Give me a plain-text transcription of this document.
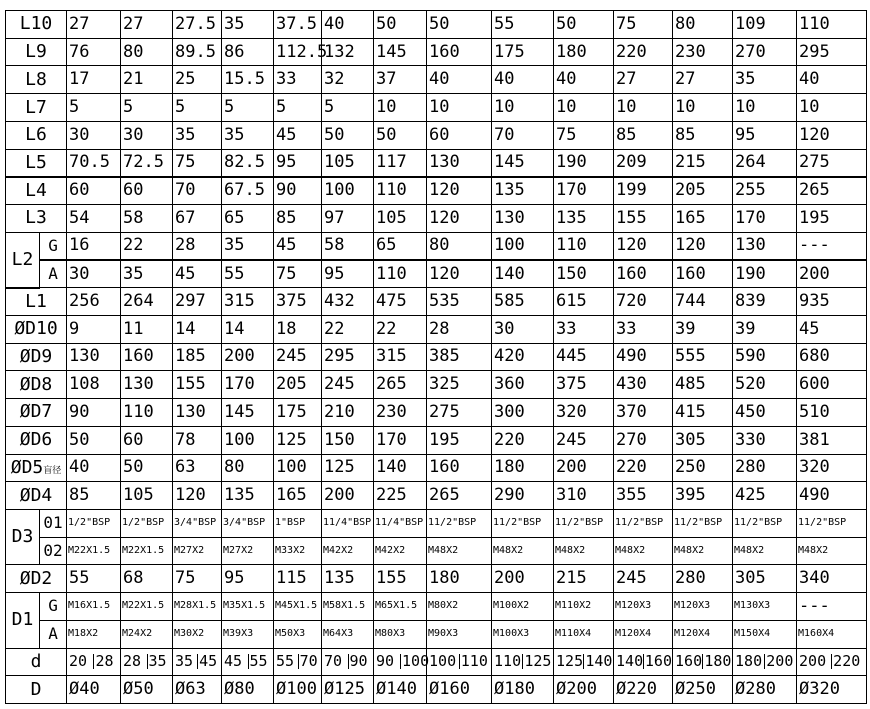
L10		27	27	27.5	35	37.5	40	50	50	55	50	75	80	109	110
L9		76	80	89.5	86	112.5	132	145	160	175	180	220	230	270	295
L8		17	21	25	15.5	33	32	37	40	40	40	27	27	35	40
L7		5	5	5	5	5	5	10	10	10	10	10	10	10	10
L6		30	30	35	35	45	50	50	60	70	75	85	85	95	120
L5		70.5	72.5	75	82.5	95	105	117	130	145	190	209	215	264	275
L4		60	60	70	67.5	90	100	110	120	135	170	199	205	255	265
L3		54	58	67	65	85	97	105	120	130	135	155	165	170	195
L2	G	16	22	28	35	45	58	65	80	100	110	120	120	130	---
	A	30	35	45	55	75	95	110	120	140	150	160	160	190	200
L1		256	264	297	315	375	432	475	535	585	615	720	744	839	935
ØD10		9	11	14	14	18	22	22	28	30	33	33	39	39	45
ØD9		130	160	185	200	245	295	315	385	420	445	490	555	590	680
ØD8		108	130	155	170	205	245	265	325	360	375	430	485	520	600
ØD7		90	110	130	145	175	210	230	275	300	320	370	415	450	510
ØD6		50	60	78	100	125	150	170	195	220	245	270	305	330	381
ØD5盲径		40	50	63	80	100	125	140	160	180	200	220	250	280	320
ØD4		85	105	120	135	165	200	225	265	290	310	355	395	425	490
D3	01	1/2"BSP	1/2"BSP	3/4"BSP	3/4"BSP	1"BSP	11/4"BSP	11/4"BSP	11/2"BSP	11/2"BSP	11/2"BSP	11/2"BSP	11/2"BSP	11/2"BSP	11/2"BSP
	02	M22X1.5	M22X1.5	M27X2	M27X2	M33X2	M42X2	M42X2	M48X2	M48X2	M48X2	M48X2	M48X2	M48X2	M48X2
ØD2		55	68	75	95	115	135	155	180	200	215	245	280	305	340
D1	G	M16X1.5	M22X1.5	M28X1.5	M35X1.5	M45X1.5	M58X1.5	M65X1.5	M80X2	M100X2	M110X2	M120X3	M120X3	M130X3	---
	A	M18X2	M24X2	M30X2	M39X3	M50X3	M64X3	M80X3	M90X3	M100X3	M110X4	M120X4	M120X4	M150X4	M160X4
d		20 28	28 35	35 45	45 55	55 70	70 90	90 100	100 110	110 125	125 140	140 160	160 180	180 200	200 220
D		Ø40	Ø50	Ø63	Ø80	Ø100	Ø125	Ø140	Ø160	Ø180	Ø200	Ø220	Ø250	Ø280	Ø320
